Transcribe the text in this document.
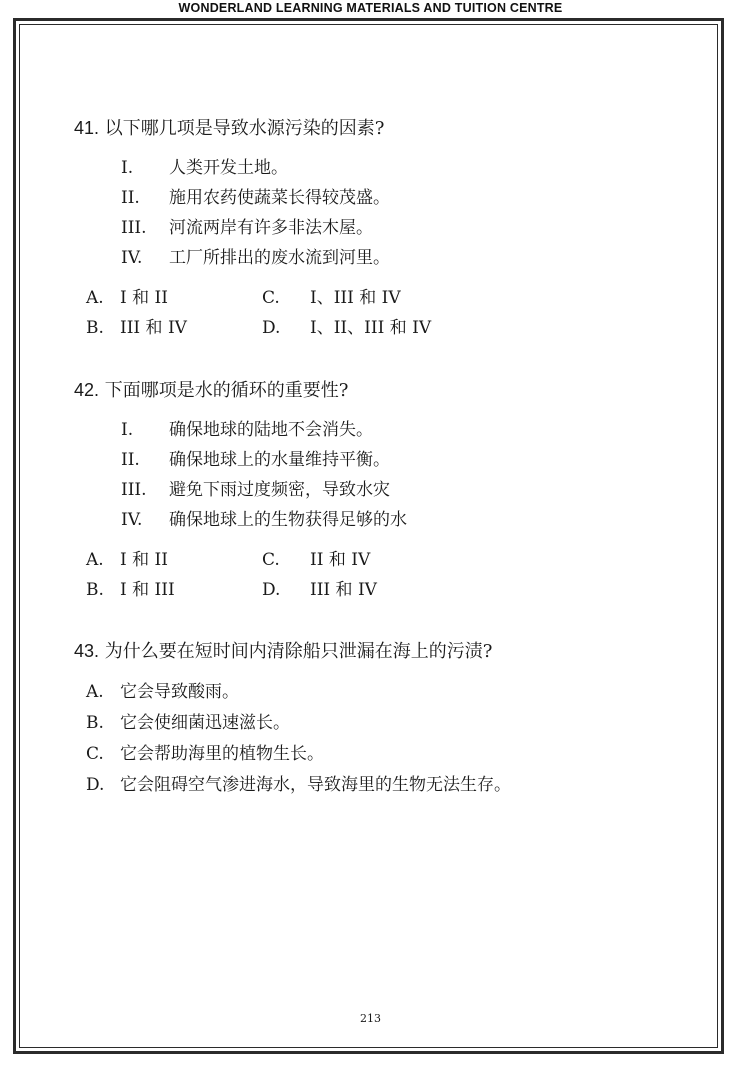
WONDERLAND LEARNING MATERIALS AND TUITION CENTRE
41. 以下哪几项是导致水源污染的因素?
I. 人类开发土地。
II. 施用农药使蔬菜长得较茂盛。
III. 河流两岸有许多非法木屋。
IV. 工厂所排出的废水流到河里。
A. I 和 II
B. III 和 IV
C. I、III 和 IV
D. I、II、III 和 IV
42. 下面哪项是水的循环的重要性?
I. 确保地球的陆地不会消失。
II. 确保地球上的水量维持平衡。
III. 避免下雨过度频密，导致水灾
IV. 确保地球上的生物获得足够的水
A. I 和 II
B. I 和 III
C. II 和 IV
D. III 和 IV
43. 为什么要在短时间内清除船只泄漏在海上的污渍?
A. 它会导致酸雨。
B. 它会使细菌迅速滋长。
C. 它会帮助海里的植物生长。
D. 它会阻碍空气渗进海水，导致海里的生物无法生存。
213
